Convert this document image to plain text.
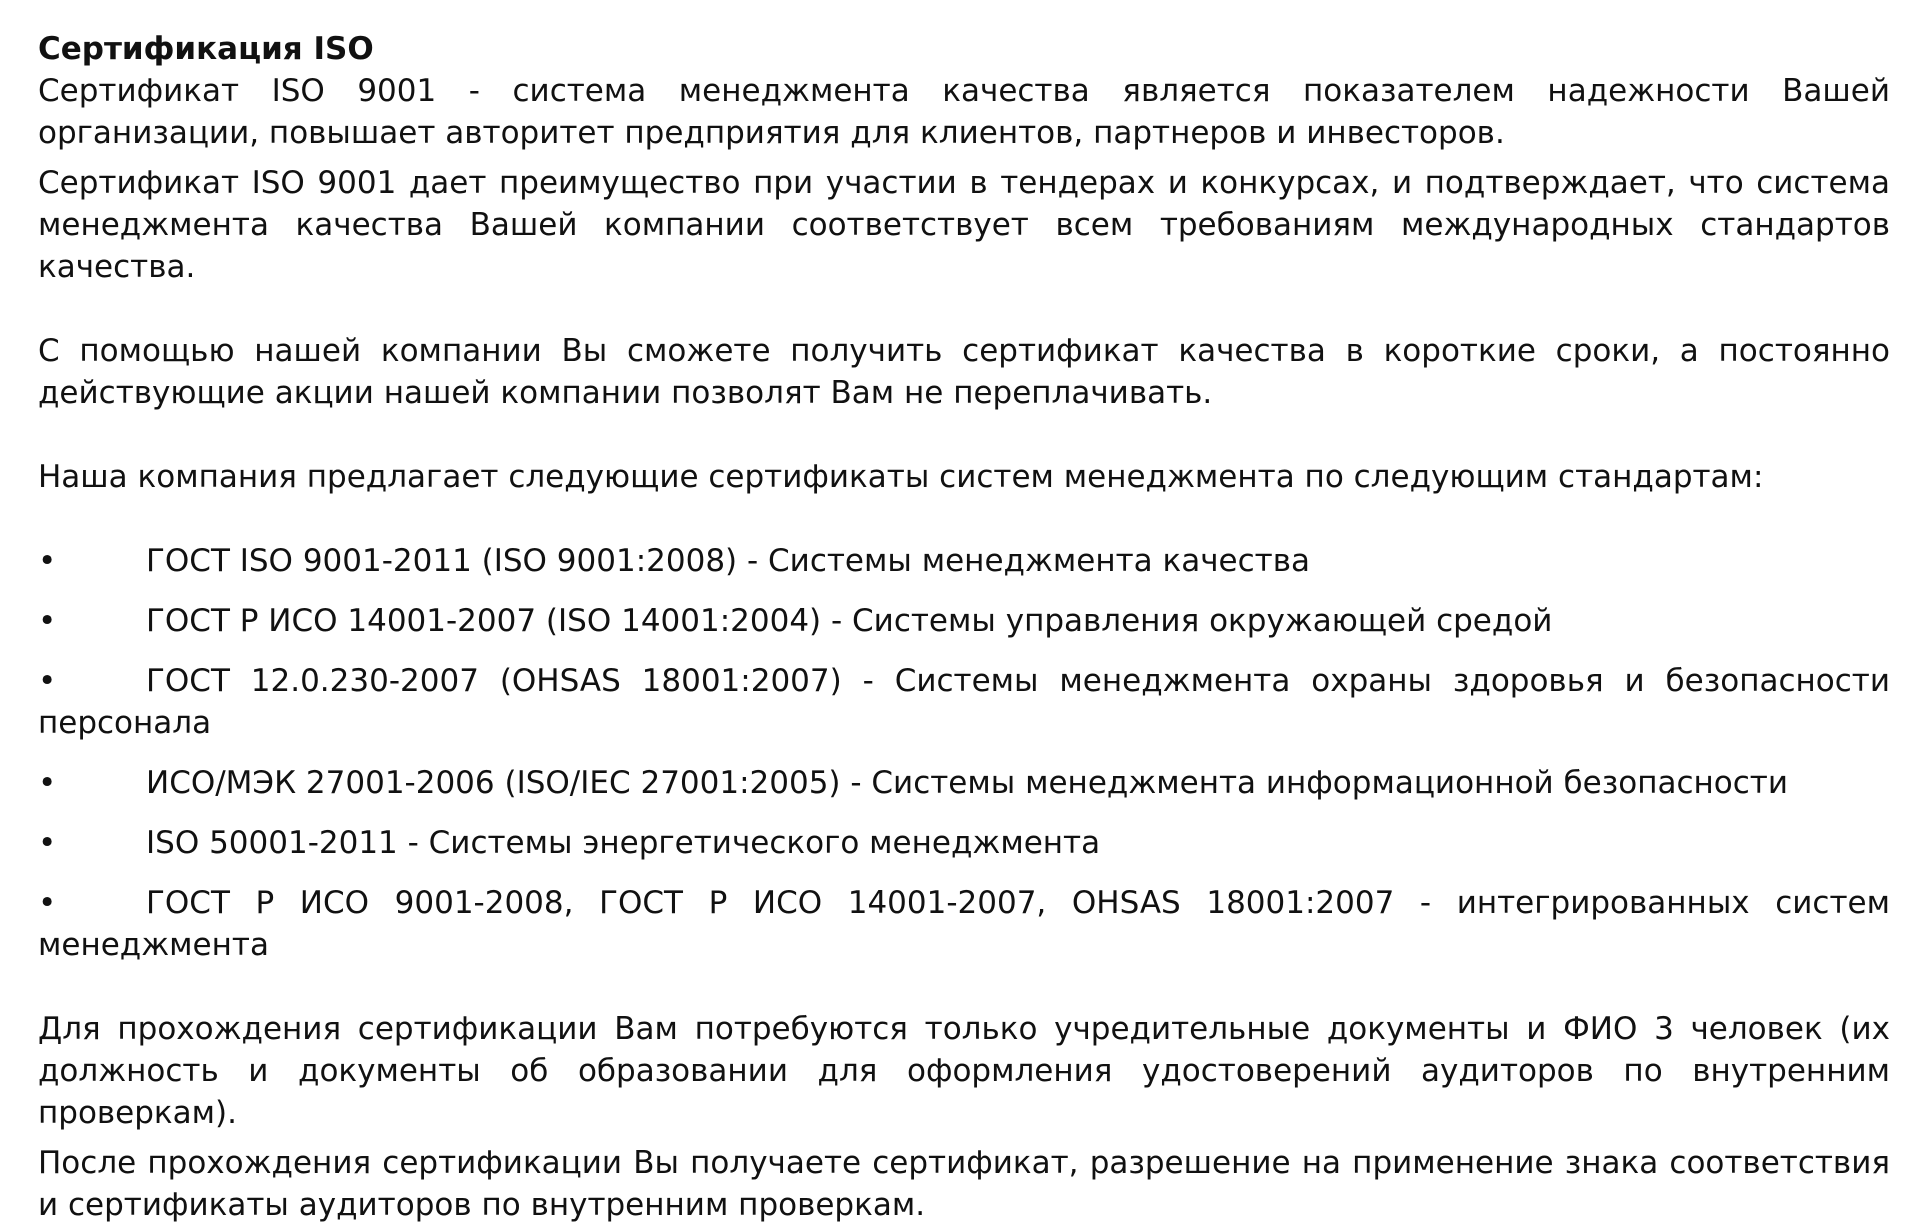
Сертификация ISO

Сертификат ISO 9001 - система менеджмента качества является показателем надежности Вашей организации, повышает авторитет предприятия для клиентов, партнеров и инвесторов.

Сертификат ISO 9001 дает преимущество при участии в тендерах и конкурсах, и подтверждает, что система менеджмента качества Вашей компании соответствует всем требованиям международных стандартов качества.

С помощью нашей компании Вы сможете получить сертификат качества в короткие сроки, а постоянно действующие акции нашей компании позволят Вам не переплачивать.

Наша компания предлагает следующие сертификаты систем менеджмента по следующим стандартам:

•	ГОСТ ISO 9001-2011 (ISO 9001:2008) - Системы менеджмента качества
•	ГОСТ Р ИСО 14001-2007 (ISO 14001:2004) - Системы управления окружающей средой
•	ГОСТ 12.0.230-2007 (OHSAS 18001:2007) - Системы менеджмента охраны здоровья и безопасности персонала
•	ИСО/МЭК 27001-2006 (ISO/IEC 27001:2005) - Системы менеджмента информационной безопасности
•	ISO 50001-2011 - Системы энергетического менеджмента
•	ГОСТ Р ИСО 9001-2008, ГОСТ Р ИСО 14001-2007, OHSAS 18001:2007 - интегрированных систем менеджмента

Для прохождения сертификации Вам потребуются только учредительные документы и ФИО 3 человек (их должность и документы об образовании для оформления удостоверений аудиторов по внутренним проверкам).

После прохождения сертификации Вы получаете сертификат, разрешение на применение знака соответствия и сертификаты аудиторов по внутренним проверкам.
